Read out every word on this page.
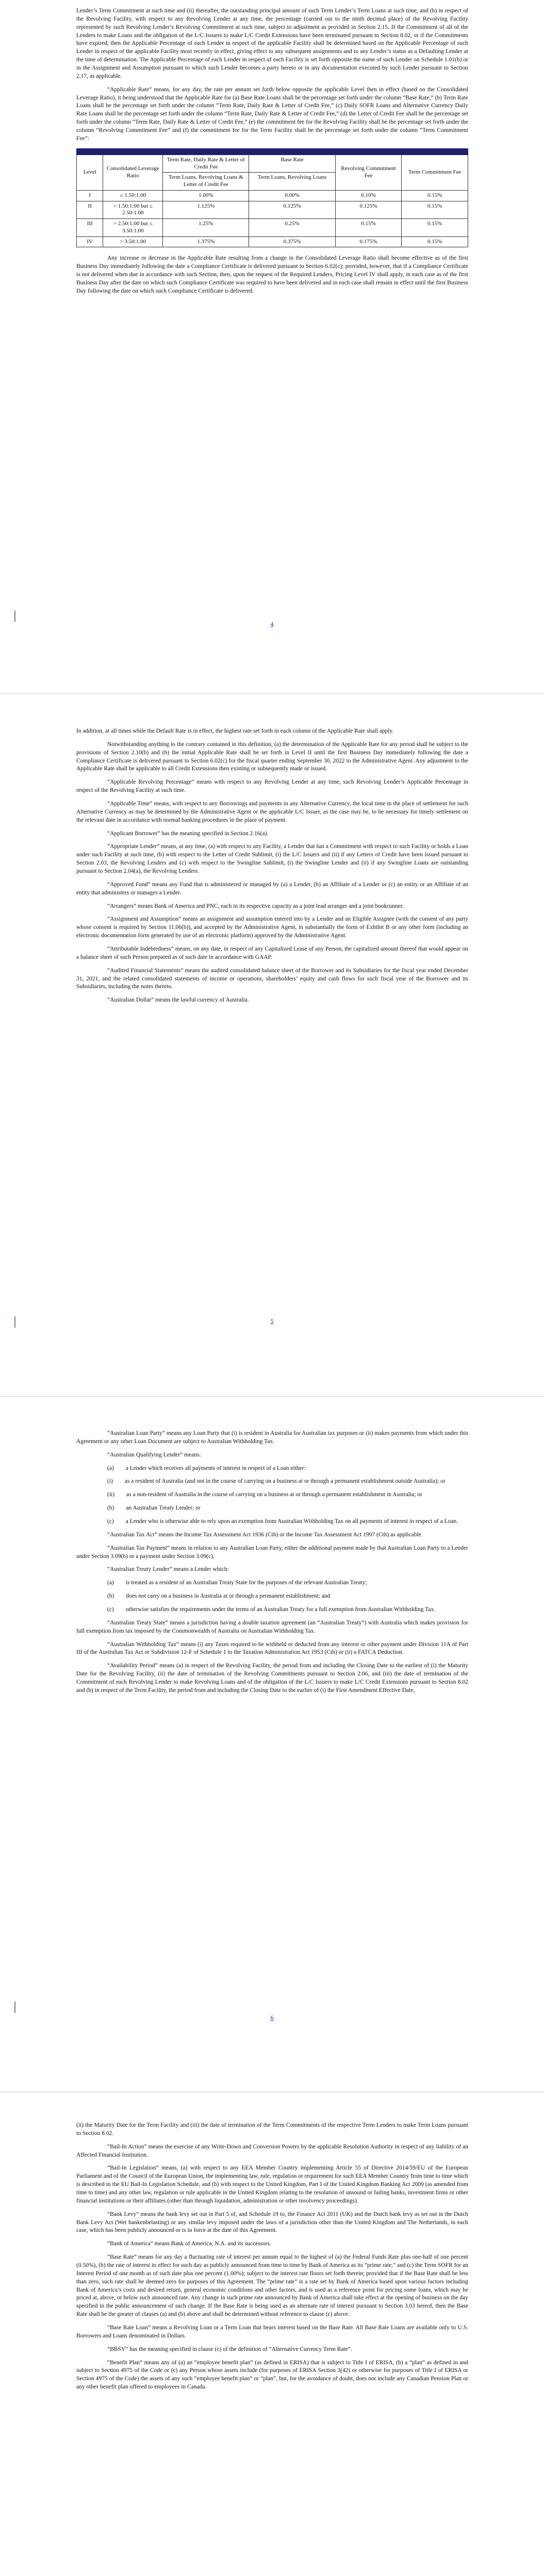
Lender’s Term Commitment at such time and (ii) thereafter, the outstanding principal amount of such Term Lender’s Term Loans at such time, and (b) in respect of the Revolving Facility, with respect to any Revolving Lender at any time, the percentage (carried out to the ninth decimal place) of the Revolving Facility represented by such Revolving Lender’s Revolving Commitment at such time, subject to adjustment as provided in Section 2.15. If the Commitment of all of the Lenders to make Loans and the obligation of the L/C Issuers to make L/C Credit Extensions have been terminated pursuant to Section 8.02, or if the Commitments have expired, then the Applicable Percentage of each Lender in respect of the applicable Facility shall be determined based on the Applicable Percentage of such Lender in respect of the applicable Facility most recently in effect, giving effect to any subsequent assignments and to any Lender’s status as a Defaulting Lender at the time of determination. The Applicable Percentage of each Lender in respect of each Facility is set forth opposite the name of such Lender on Schedule 1.01(b) or in the Assignment and Assumption pursuant to which such Lender becomes a party hereto or in any documentation executed by such Lender pursuant to Section 2.17, as applicable.

“Applicable Rate” means, for any day, the rate per annum set forth below opposite the applicable Level then in effect (based on the Consolidated Leverage Ratio), it being understood that the Applicable Rate for (a) Base Rate Loans shall be the percentage set forth under the column “Base Rate,” (b) Term Rate Loans shall be the percentage set forth under the column “Term Rate, Daily Rate & Letter of Credit Fee,” (c) Daily SOFR Loans and Alternative Currency Daily Rate Loans shall be the percentage set forth under the column “Term Rate, Daily Rate & Letter of Credit Fee,” (d) the Letter of Credit Fee shall be the percentage set forth under the column “Term Rate, Daily Rate & Letter of Credit Fee,” (e) the commitment fee for the Revolving Facility shall be the percentage set forth under the column “Revolving Commitment Fee” and (f) the commitment fee for the Term Facility shall be the percentage set forth under the column “Term Commitment Fee”:

Level	Consolidated Leverage Ratio	Term Rate, Daily Rate & Letter of Credit Fee	Base Rate	Revolving Commitment Fee	Term Commitment Fee
		Term Loans, Revolving Loans & Letter of Credit Fee	Term Loans, Revolving Loans		
I	≤ 1.50:1.00	1.00%	0.00%	0.10%	0.15%
II	> 1.50:1.00 but ≤ 2.50:1.00	1.125%	0.125%	0.125%	0.15%
III	> 2.50:1.00 but ≤ 3.50:1.00	1.25%	0.25%	0.15%	0.15%
IV	> 3.50:1.00	1.375%	0.375%	0.175%	0.15%

Any increase or decrease in the Applicable Rate resulting from a change in the Consolidated Leverage Ratio shall become effective as of the first Business Day immediately following the date a Compliance Certificate is delivered pursuant to Section 6.02(c); provided, however, that if a Compliance Certificate is not delivered when due in accordance with such Section, then, upon the request of the Required Lenders, Pricing Level IV shall apply, in each case as of the first Business Day after the date on which such Compliance Certificate was required to have been delivered and in each case shall remain in effect until the first Business Day following the date on which such Compliance Certificate is delivered.

4

In addition, at all times while the Default Rate is in effect, the highest rate set forth in each column of the Applicable Rate shall apply.

Notwithstanding anything to the contrary contained in this definition, (a) the determination of the Applicable Rate for any period shall be subject to the provisions of Section 2.10(b) and (b) the initial Applicable Rate shall be set forth in Level II until the first Business Day immediately following the date a Compliance Certificate is delivered pursuant to Section 6.02(c) for the fiscal quarter ending September 30, 2022 to the Administrative Agent. Any adjustment to the Applicable Rate shall be applicable to all Credit Extensions then existing or subsequently made or issued.

“Applicable Revolving Percentage” means with respect to any Revolving Lender at any time, such Revolving Lender’s Applicable Percentage in respect of the Revolving Facility at such time.

“Applicable Time” means, with respect to any Borrowings and payments in any Alternative Currency, the local time in the place of settlement for such Alternative Currency as may be determined by the Administrative Agent or the applicable L/C Issuer, as the case may be, to be necessary for timely settlement on the relevant date in accordance with normal banking procedures in the place of payment.

“Applicant Borrower” has the meaning specified in Section 2.16(a).

“Appropriate Lender” means, at any time, (a) with respect to any Facility, a Lender that has a Commitment with respect to such Facility or holds a Loan under such Facility at such time, (b) with respect to the Letter of Credit Sublimit, (i) the L/C Issuers and (ii) if any Letters of Credit have been issued pursuant to Section 2.03, the Revolving Lenders and (c) with respect to the Swingline Sublimit, (i) the Swingline Lender and (ii) if any Swingline Loans are outstanding pursuant to Section 2.04(a), the Revolving Lenders.

“Approved Fund” means any Fund that is administered or managed by (a) a Lender, (b) an Affiliate of a Lender or (c) an entity or an Affiliate of an entity that administers or manages a Lender.

“Arrangers” means Bank of America and PNC, each in its respective capacity as a joint lead arranger and a joint bookrunner.

“Assignment and Assumption” means an assignment and assumption entered into by a Lender and an Eligible Assignee (with the consent of any party whose consent is required by Section 11.06(b)), and accepted by the Administrative Agent, in substantially the form of Exhibit B or any other form (including an electronic documentation form generated by use of an electronic platform) approved by the Administrative Agent.

“Attributable Indebtedness” means, on any date, in respect of any Capitalized Lease of any Person, the capitalized amount thereof that would appear on a balance sheet of such Person prepared as of such date in accordance with GAAP.

“Audited Financial Statements” means the audited consolidated balance sheet of the Borrower and its Subsidiaries for the fiscal year ended December 31, 2021, and the related consolidated statements of income or operations, shareholders’ equity and cash flows for such fiscal year of the Borrower and its Subsidiaries, including the notes thereto.

“Australian Dollar” means the lawful currency of Australia.

5

“Australian Loan Party” means any Loan Party that (i) is resident in Australia for Australian tax purposes or (ii) makes payments from which under this Agreement or any other Loan Document are subject to Australian Withholding Tax.

“Australian Qualifying Lender” means:

(a)  a Lender which receives all payments of interest in respect of a Loan either:

(i)  as a resident of Australia (and not in the course of carrying on a business at or through a permanent establishment outside Australia); or

(ii)  as a non-resident of Australia in the course of carrying on a business at or through a permanent establishment in Australia; or

(b)  an Australian Treaty Lender; or

(c)  a Lender who is otherwise able to rely upon an exemption from Australian Withholding Tax on all payments of interest in respect of a Loan.

“Australian Tax Act” means the Income Tax Assessment Act 1936 (Cth) or the Income Tax Assessment Act 1997 (Cth) as applicable.

“Australian Tax Payment” means in relation to any Australian Loan Party, either the additional payment made by that Australian Loan Party to a Lender under Section 3.09(b) or a payment under Section 3.09(c).

“Australian Treaty Lender” means a Lender which:

(a)  is treated as a resident of an Australian Treaty State for the purposes of the relevant Australian Treaty;

(b)  does not carry on a business in Australia at or through a permanent establishment; and

(c)  otherwise satisfies the requirements under the terms of an Australian Treaty for a full exemption from Australian Withholding Tax.

“Australian Treaty State” means a jurisdiction having a double taxation agreement (an “Australian Treaty”) with Australia which makes provision for full exemption from tax imposed by the Commonwealth of Australia on Australian Withholding Tax.

“Australian Withholding Tax” means (i) any Taxes required to be withheld or deducted from any interest or other payment under Division 11A of Part III of the Australian Tax Act or Subdivision 12-F of Schedule 1 to the Taxation Administration Act 1953 (Cth) or (ii) a FATCA Deduction.

“Availability Period” means (a) in respect of the Revolving Facility, the period from and including the Closing Date to the earliest of (i) the Maturity Date for the Revolving Facility, (ii) the date of termination of the Revolving Commitments pursuant to Section 2.06, and (iii) the date of termination of the Commitment of each Revolving Lender to make Revolving Loans and of the obligation of the L/C Issuers to make L/C Credit Extensions pursuant to Section 8.02 and (b) in respect of the Term Facility, the period from and including the Closing Date to the earlier of (i) the First Amendment Effective Date,

6

(ii) the Maturity Date for the Term Facility and (iii) the date of termination of the Term Commitments of the respective Term Lenders to make Term Loans pursuant to Section 8.02.

“Bail-In Action” means the exercise of any Write-Down and Conversion Powers by the applicable Resolution Authority in respect of any liability of an Affected Financial Institution.

“Bail-In Legislation” means, (a) with respect to any EEA Member Country implementing Article 55 of Directive 2014/59/EU of the European Parliament and of the Council of the European Union, the implementing law, rule, regulation or requirement for such EEA Member Country from time to time which is described in the EU Bail-In Legislation Schedule, and (b) with respect to the United Kingdom, Part I of the United Kingdom Banking Act 2009 (as amended from time to time) and any other law, regulation or rule applicable in the United Kingdom relating to the resolution of unsound or failing banks, investment firms or other financial institutions or their affiliates (other than through liquidation, administration or other insolvency proceedings).

“Bank Levy” means the bank levy set out in Part 5 of, and Schedule 19 to, the Finance Act 2011 (UK) and the Dutch bank levy as set out in the Dutch Bank Levy Act (Wet bankenbelasting) or any similar levy imposed under the laws of a jurisdiction other than the United Kingdom and The Netherlands, in each case, which has been publicly announced or is in force at the date of this Agreement.

“Bank of America” means Bank of America, N.A. and its successors.

“Base Rate” means for any day a fluctuating rate of interest per annum equal to the highest of (a) the Federal Funds Rate plus one-half of one percent (0.50%), (b) the rate of interest in effect for such day as publicly announced from time to time by Bank of America as its “prime rate,” and (c) the Term SOFR for an Interest Period of one month as of such date plus one percent (1.00%); subject to the interest rate floors set forth therein; provided that if the Base Rate shall be less than zero, such rate shall be deemed zero for purposes of this Agreement. The “prime rate” is a rate set by Bank of America based upon various factors including Bank of America’s costs and desired return, general economic conditions and other factors, and is used as a reference point for pricing some loans, which may be priced at, above, or below such announced rate. Any change in such prime rate announced by Bank of America shall take effect at the opening of business on the day specified in the public announcement of such change. If the Base Rate is being used as an alternate rate of interest pursuant to Section 3.03 hereof, then the Base Rate shall be the greater of clauses (a) and (b) above and shall be determined without reference to clause (c) above.

“Base Rate Loan” means a Revolving Loan or a Term Loan that bears interest based on the Base Rate. All Base Rate Loans are available only to U.S. Borrowers and Loans denominated in Dollars.

“BBSY” has the meaning specified in clause (c) of the definition of “Alternative Currency Term Rate”.

“Benefit Plan” means any of (a) an “employee benefit plan” (as defined in ERISA) that is subject to Title I of ERISA, (b) a “plan” as defined in and subject to Section 4975 of the Code or (c) any Person whose assets include (for purposes of ERISA Section 3(42) or otherwise for purposes of Title I of ERISA or Section 4975 of the Code) the assets of any such “employee benefit plan” or “plan”, but, for the avoidance of doubt, does not include any Canadian Pension Plan or any other benefit plan offered to employees in Canada.
